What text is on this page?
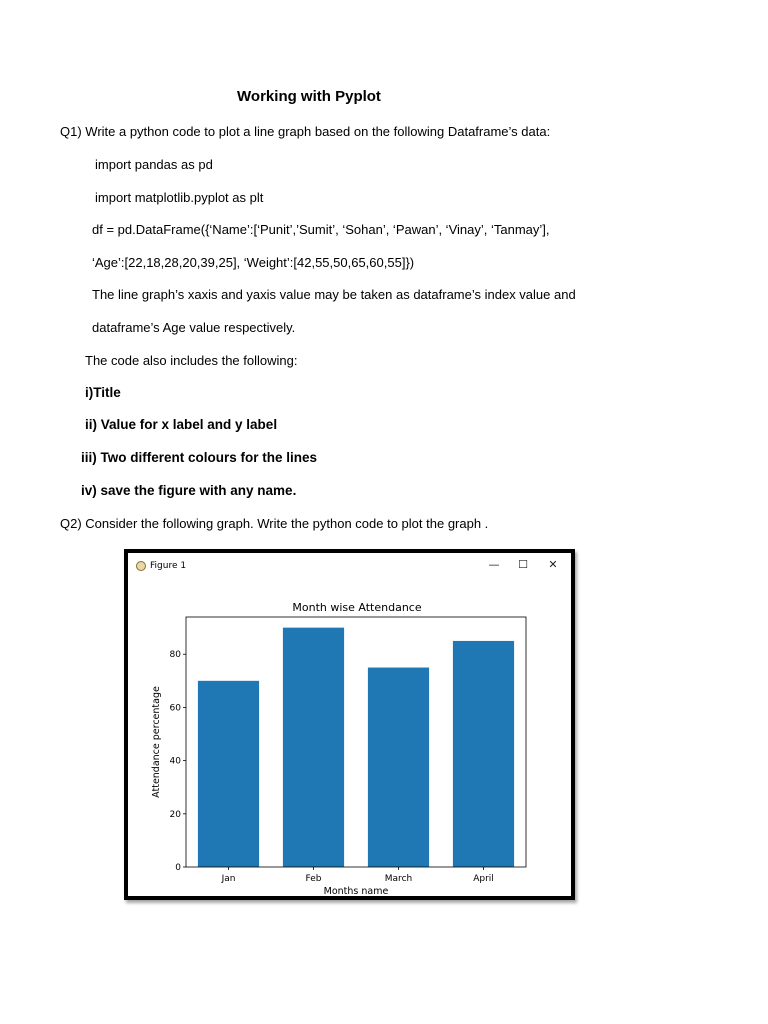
Working with Pyplot
Q1) Write a python code to plot a line graph based on the following Dataframe’s data:
import pandas as pd
import matplotlib.pyplot as plt
df = pd.DataFrame({‘Name’:[‘Punit’,’Sumit’, ‘Sohan’, ‘Pawan’, ‘Vinay’, ‘Tanmay’],
‘Age’:[22,18,28,20,39,25], ‘Weight’:[42,55,50,65,60,55]})
The line graph’s xaxis and yaxis value may be taken as dataframe’s index value and
dataframe’s Age value respectively.
The code also includes the following:
i)Title
ii) Value for x label and y label
iii) Two different colours for the lines
iv) save the figure with any name.
Q2) Consider the following graph. Write the python code to plot the graph .
Figure 1	— ☐ ✕
Month wise Attendance
Jan	Feb	March	April
0
20
40
60
80
Months name
Attendance percentage
